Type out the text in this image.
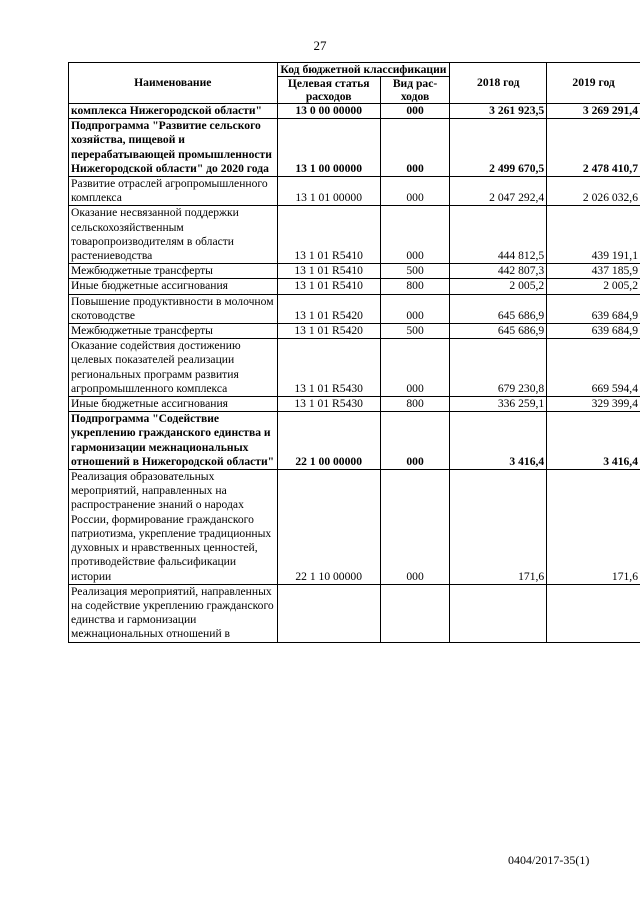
27
Наименование	Код бюджетной классификации		2018 год	2019 год
	Целевая статья расходов	Вид рас-ходов		
комплекса Нижегородской области"	13 0 00 00000	000	3 261 923,5	3 269 291,4
Подпрограмма "Развитие сельского хозяйства, пищевой и перерабатывающей промышленности Нижегородской области" до 2020 года	13 1 00 00000	000	2 499 670,5	2 478 410,7
Развитие отраслей агропромышленного комплекса	13 1 01 00000	000	2 047 292,4	2 026 032,6
Оказание несвязанной поддержки сельскохозяйственным товаропроизводителям в области растениеводства	13 1 01 R5410	000	444 812,5	439 191,1
Межбюджетные трансферты	13 1 01 R5410	500	442 807,3	437 185,9
Иные бюджетные ассигнования	13 1 01 R5410	800	2 005,2	2 005,2
Повышение продуктивности в молочном скотоводстве	13 1 01 R5420	000	645 686,9	639 684,9
Межбюджетные трансферты	13 1 01 R5420	500	645 686,9	639 684,9
Оказание содействия достижению целевых показателей реализации региональных программ развития агропромышленного комплекса	13 1 01 R5430	000	679 230,8	669 594,4
Иные бюджетные ассигнования	13 1 01 R5430	800	336 259,1	329 399,4
Подпрограмма "Содействие укреплению гражданского единства и гармонизации межнациональных отношений в Нижегородской области"	22 1 00 00000	000	3 416,4	3 416,4
Реализация образовательных мероприятий, направленных на распространение знаний о народах России, формирование гражданского патриотизма, укрепление традиционных духовных и нравственных ценностей, противодействие фальсификации истории	22 1 10 00000	000	171,6	171,6
Реализация мероприятий, направленных на содействие укреплению гражданского единства и гармонизации межнациональных отношений в				
0404/2017-35(1)
